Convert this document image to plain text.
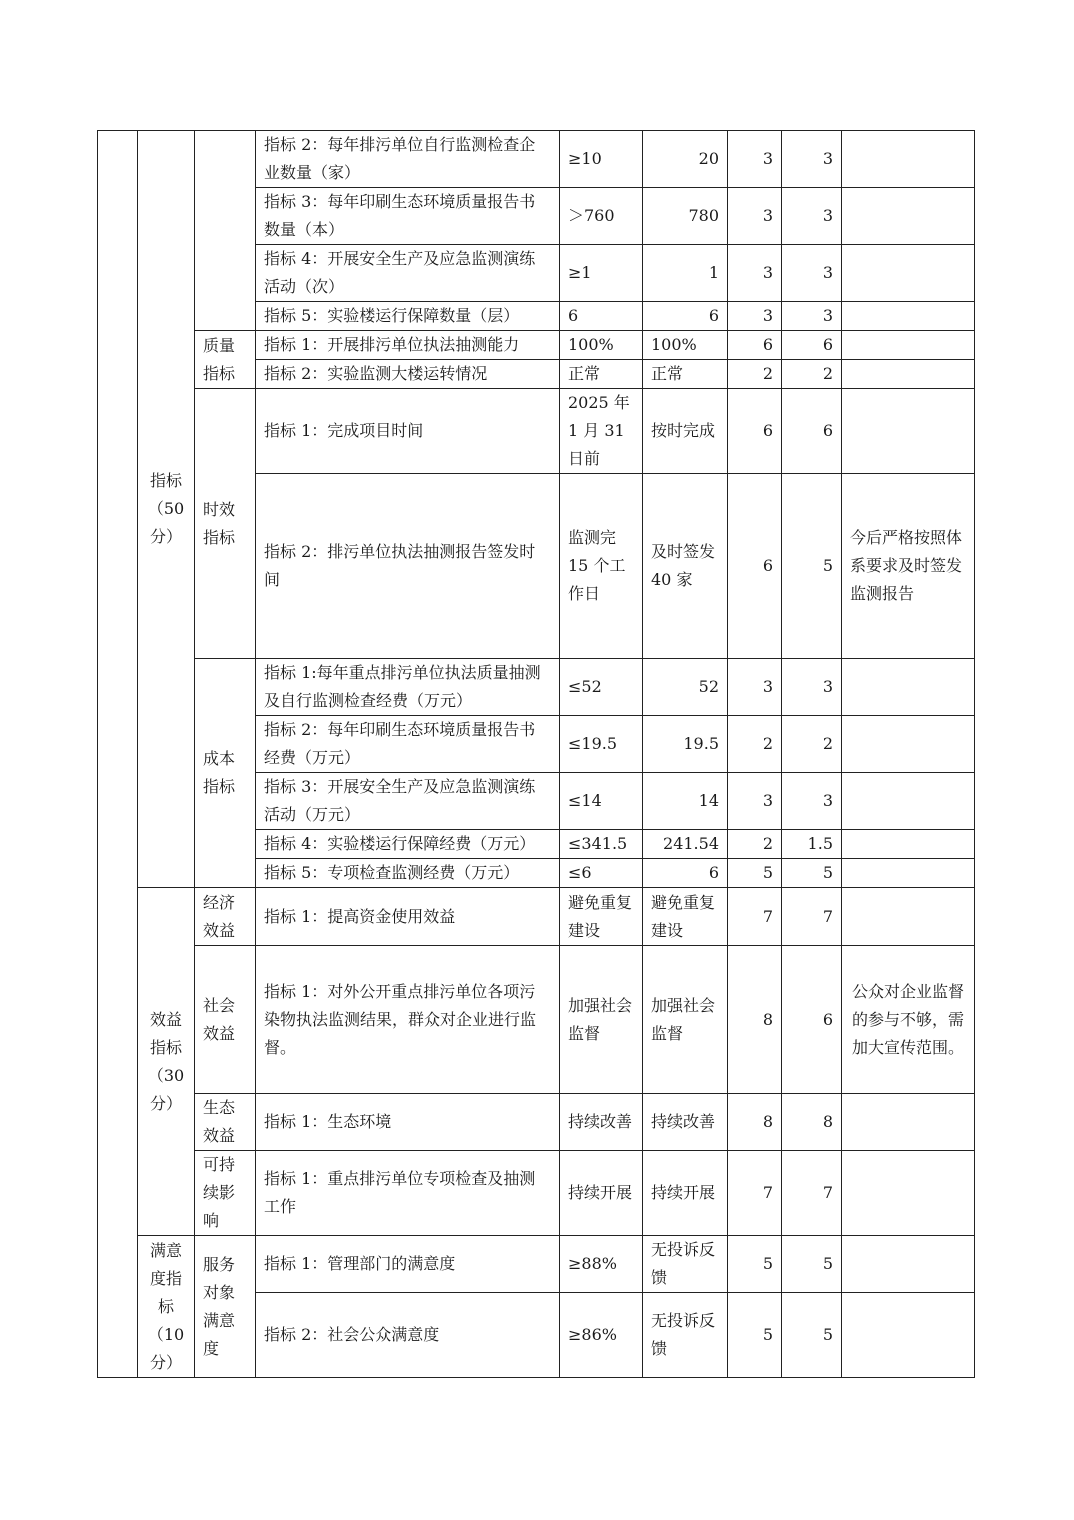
	指标（50分）		指标 2：每年排污单位自行监测检查企业数量（家）	≥10	20	3	3	
			指标 3：每年印刷生态环境质量报告书数量（本）	＞760	780	3	3	
			指标 4：开展安全生产及应急监测演练活动（次）	≥1	1	3	3	
			指标 5：实验楼运行保障数量（层）	6	6	3	3	
		质量指标	指标 1：开展排污单位执法抽测能力	100%	100%	6	6	
			指标 2：实验监测大楼运转情况	正常	正常	2	2	
		时效指标	指标 1：完成项目时间	2025 年 1 月 31 日前	按时完成	6	6	
			指标 2：排污单位执法抽测报告签发时间	监测完 15 个工作日	及时签发 40 家	6	5	今后严格按照体系要求及时签发监测报告
		成本指标	指标 1:每年重点排污单位执法质量抽测及自行监测检查经费（万元）	≤52	52	3	3	
			指标 2：每年印刷生态环境质量报告书经费（万元）	≤19.5	19.5	2	2	
			指标 3：开展安全生产及应急监测演练活动（万元）	≤14	14	3	3	
			指标 4：实验楼运行保障经费（万元）	≤341.5	241.54	2	1.5	
			指标 5：专项检查监测经费（万元）	≤6	6	5	5	
	效益指标（30分）	经济效益	指标 1：提高资金使用效益	避免重复建设	避免重复建设	7	7	
		社会效益	指标 1：对外公开重点排污单位各项污染物执法监测结果，群众对企业进行监督。	加强社会监督	加强社会监督	8	6	公众对企业监督的参与不够，需加大宣传范围。
		生态效益	指标 1：生态环境	持续改善	持续改善	8	8	
		可持续影响	指标 1：重点排污单位专项检查及抽测工作	持续开展	持续开展	7	7	
	满意度指标（10分）	服务对象满意度	指标 1：管理部门的满意度	≥88%	无投诉反馈	5	5	
			指标 2：社会公众满意度	≥86%	无投诉反馈	5	5	
